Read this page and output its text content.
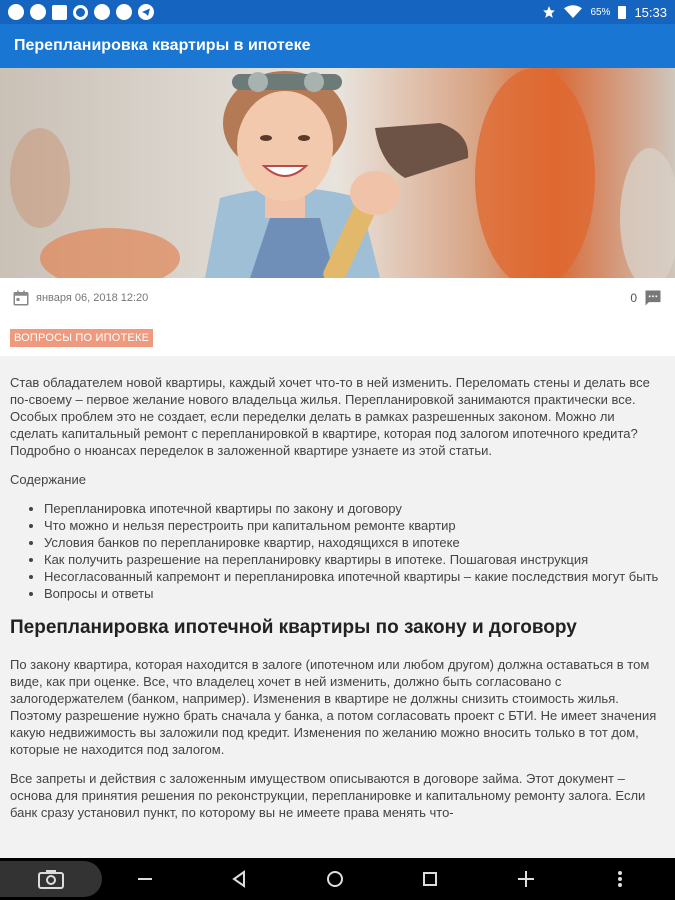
65% 15:33
Перепланировка квартиры в ипотеке
января 06, 2018 12:20	0
ВОПРОСЫ ПО ИПОТЕКЕ

Став обладателем новой квартиры, каждый хочет что-то в ней изменить. Переломать стены и делать все по-своему – первое желание нового владельца жилья. Перепланировкой занимаются практически все. Особых проблем это не создает, если переделки делать в рамках разрешенных законом. Можно ли сделать капитальный ремонт с перепланировкой в квартире, которая под залогом ипотечного кредита? Подробно о нюансах переделок в заложенной квартире узнаете из этой статьи.

Содержание

• Перепланировка ипотечной квартиры по закону и договору
• Что можно и нельзя перестроить при капитальном ремонте квартир
• Условия банков по перепланировке квартир, находящихся в ипотеке
• Как получить разрешение на перепланировку квартиры в ипотеке. Пошаговая инструкция
• Несогласованный капремонт и перепланировка ипотечной квартиры – какие последствия могут быть
• Вопросы и ответы
Перепланировка ипотечной квартиры по закону и договору

По закону квартира, которая находится в залоге (ипотечном или любом другом) должна оставаться в том виде, как при оценке. Все, что владелец хочет в ней изменить, должно быть согласовано с залогодержателем (банком, например). Изменения в квартире не должны снизить стоимость жилья. Поэтому разрешение нужно брать сначала у банка, а потом согласовать проект с БТИ. Не имеет значения какую недвижимость вы заложили под кредит. Изменения по желанию можно вносить только в тот дом, которые не находится под залогом.

Все запреты и действия с заложенным имуществом описываются в договоре займа. Этот документ – основа для принятия решения по реконструкции, перепланировке и капитальному ремонту залога. Если банк сразу установил пункт, по которому вы не имеете права менять что-
